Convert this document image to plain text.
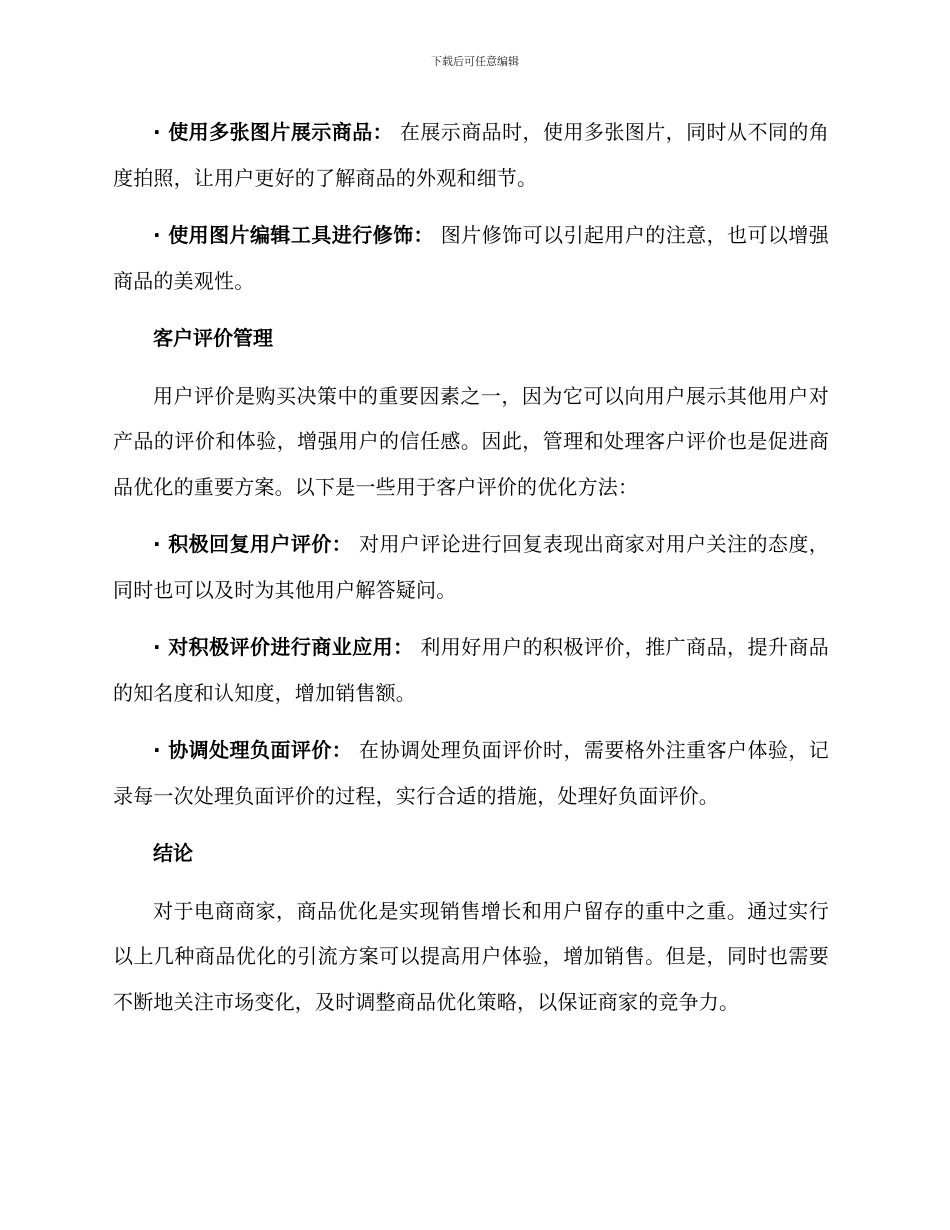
下载后可任意编辑

· 使用多张图片展示商品： 在展示商品时，使用多张图片，同时从不同的角度拍照，让用户更好的了解商品的外观和细节。

· 使用图片编辑工具进行修饰： 图片修饰可以引起用户的注意，也可以增强商品的美观性。

客户评价管理

用户评价是购买决策中的重要因素之一，因为它可以向用户展示其他用户对产品的评价和体验，增强用户的信任感。因此，管理和处理客户评价也是促进商品优化的重要方案。以下是一些用于客户评价的优化方法：

· 积极回复用户评价： 对用户评论进行回复表现出商家对用户关注的态度，同时也可以及时为其他用户解答疑问。

· 对积极评价进行商业应用： 利用好用户的积极评价，推广商品，提升商品的知名度和认知度，增加销售额。

· 协调处理负面评价： 在协调处理负面评价时，需要格外注重客户体验，记录每一次处理负面评价的过程，实行合适的措施，处理好负面评价。

结论

对于电商商家，商品优化是实现销售增长和用户留存的重中之重。通过实行以上几种商品优化的引流方案可以提高用户体验，增加销售。但是，同时也需要不断地关注市场变化，及时调整商品优化策略，以保证商家的竞争力。
